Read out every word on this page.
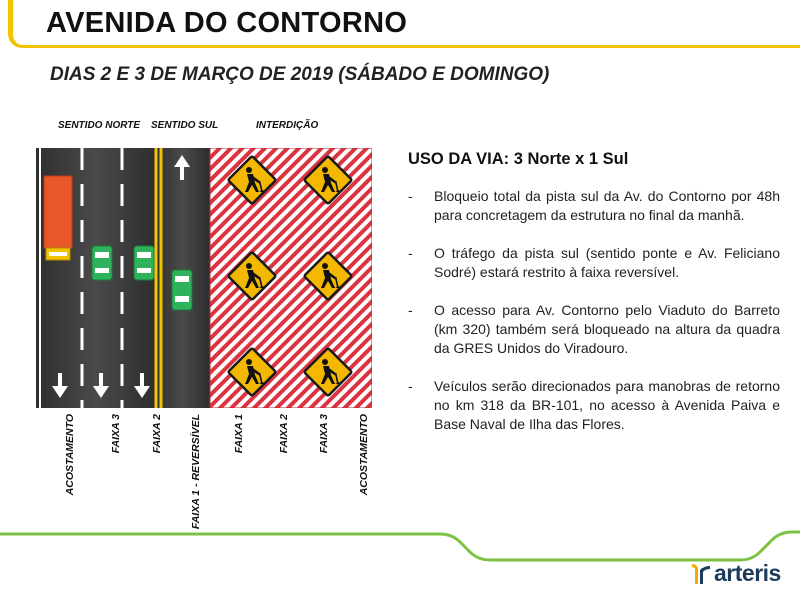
AVENIDA DO CONTORNO
DIAS 2 E 3 DE MARÇO DE 2019 (SÁBADO E DOMINGO)
SENTIDO NORTE SENTIDO SUL	INTERDIÇÃO
ACOSTAMENTO	FAIXA 3	FAIXA 2	FAIXA 1 - REVERSÍVEL	FAIXA 1	FAIXA 2	FAIXA 3	ACOSTAMENTO
USO DA VIA: 3 Norte x 1 Sul
-	Bloqueio total da pista sul da Av. do Contorno por 48h para concretagem da estrutura no final da manhã.
-	O tráfego da pista sul (sentido ponte e Av. Feliciano Sodré) estará restrito à faixa reversível.
-	O acesso para Av. Contorno pelo Viaduto do Barreto (km 320) também será bloqueado na altura da quadra da GRES Unidos do Viradouro.
-	Veículos serão direcionados para manobras de retorno no km 318 da BR-101, no acesso à Avenida Paiva e Base Naval de Ilha das Flores.
arteris
